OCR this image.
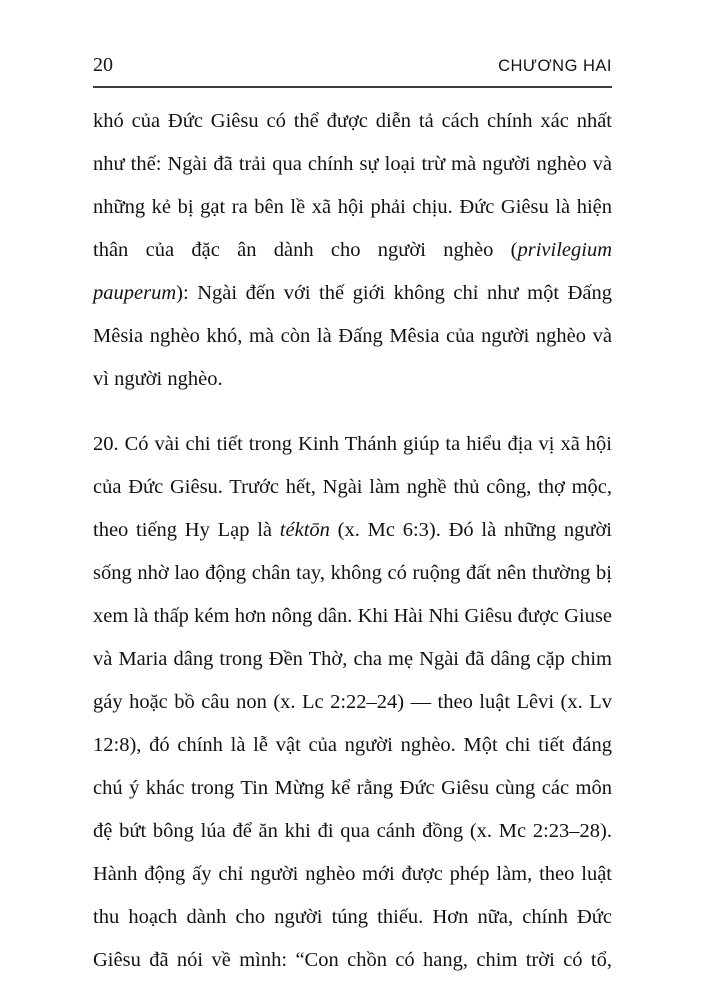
20	CHƯƠNG HAI

khó của Đức Giêsu có thể được diễn tả cách chính xác nhất như thế: Ngài đã trải qua chính sự loại trừ mà người nghèo và những kẻ bị gạt ra bên lề xã hội phải chịu. Đức Giêsu là hiện thân của đặc ân dành cho người nghèo (privilegium pauperum): Ngài đến với thế giới không chỉ như một Đấng Mêsia nghèo khó, mà còn là Đấng Mêsia của người nghèo và vì người nghèo.

20. Có vài chi tiết trong Kinh Thánh giúp ta hiểu địa vị xã hội của Đức Giêsu. Trước hết, Ngài làm nghề thủ công, thợ mộc, theo tiếng Hy Lạp là téktōn (x. Mc 6:3). Đó là những người sống nhờ lao động chân tay, không có ruộng đất nên thường bị xem là thấp kém hơn nông dân. Khi Hài Nhi Giêsu được Giuse và Maria dâng trong Đền Thờ, cha mẹ Ngài đã dâng cặp chim gáy hoặc bồ câu non (x. Lc 2:22–24) — theo luật Lêvi (x. Lv 12:8), đó chính là lễ vật của người nghèo. Một chi tiết đáng chú ý khác trong Tin Mừng kể rằng Đức Giêsu cùng các môn đệ bứt bông lúa để ăn khi đi qua cánh đồng (x. Mc 2:23–28). Hành động ấy chỉ người nghèo mới được phép làm, theo luật thu hoạch dành cho người túng thiếu. Hơn nữa, chính Đức Giêsu đã nói về mình: “Con chồn có hang, chim trời có tổ,
